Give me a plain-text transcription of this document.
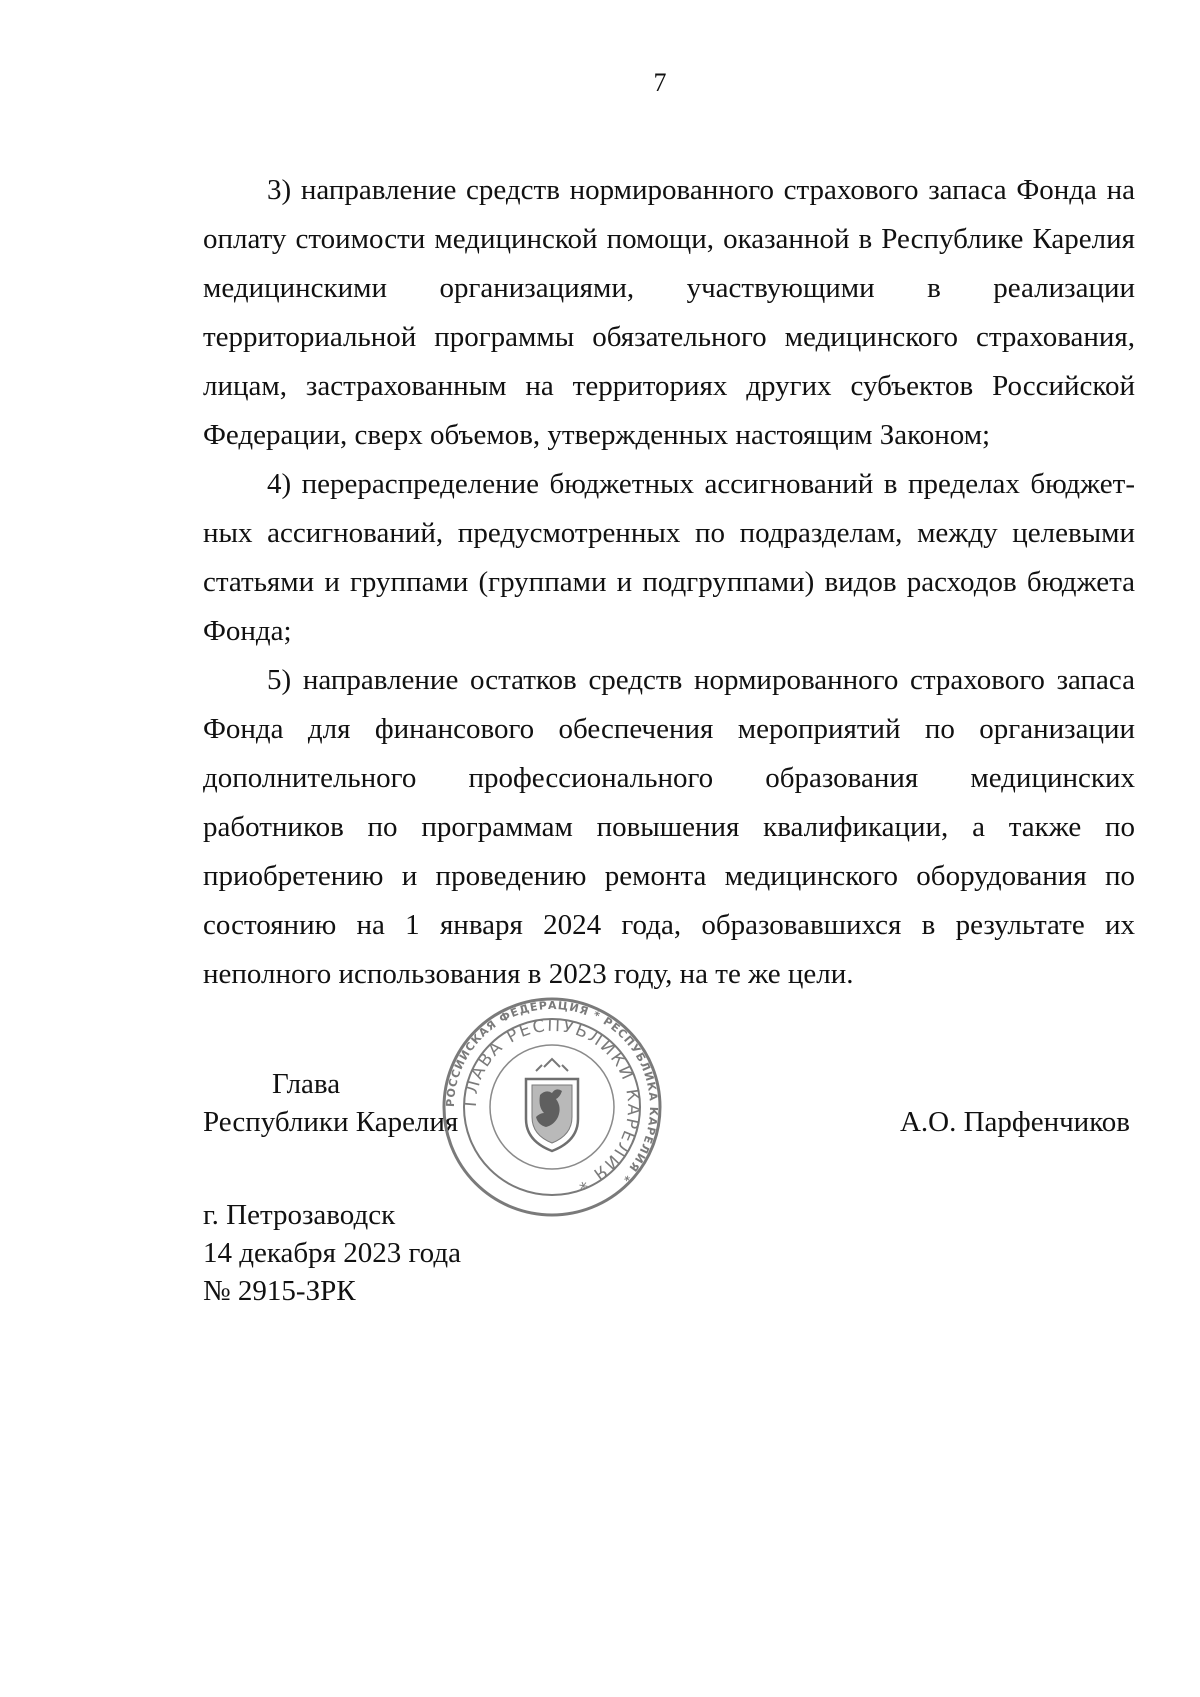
7

3) направление средств нормированного страхового запаса Фонда на оплату стоимости медицинской помощи, оказанной в Республике Карелия медицинскими организациями, участвующими в реализации территориальной программы обязательного медицинского страхования, лицам, застрахованным на территориях других субъектов Российской Федерации, сверх объемов, утвержденных настоящим Законом;

4) перераспределение бюджетных ассигнований в пределах бюджетных ассигнований, предусмотренных по подразделам, между целевыми статьями и группами (группами и подгруппами) видов расходов бюджета Фонда;

5) направление остатков средств нормированного страхового запаса Фонда для финансового обеспечения мероприятий по организации дополнительного профессионального образования медицинских работников по программам повышения квалификации, а также по приобретению и проведению ремонта медицинского оборудования по состоянию на 1 января 2024 года, образовавшихся в результате их неполного использования в 2023 году, на те же цели.

Глава
Республики Карелия
РОССИЙСКАЯ ФЕДЕРАЦИЯ * РЕСПУБЛИКА КАРЕЛИЯ *
ГЛАВА РЕСПУБЛИКИ КАРЕЛИЯ *
А.О. Парфенчиков
г. Петрозаводск
14 декабря 2023 года
№ 2915-ЗРК
